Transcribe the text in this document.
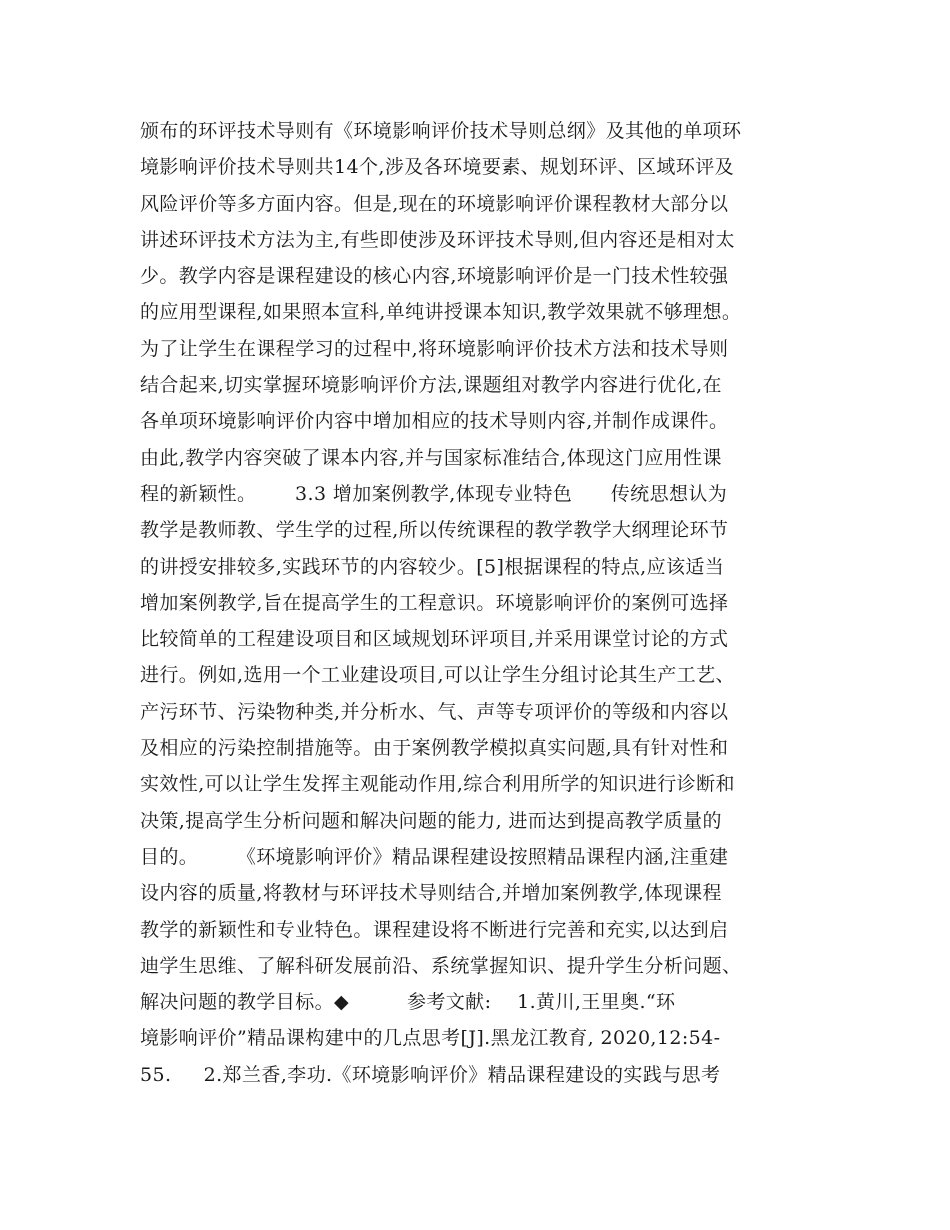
颁布的环评技术导则有《环境影响评价技术导则总纲》及其他的单项环
境影响评价技术导则共14个,涉及各环境要素、规划环评、区域环评及
风险评价等多方面内容。但是,现在的环境影响评价课程教材大部分以
讲述环评技术方法为主,有些即使涉及环评技术导则,但内容还是相对太
少。教学内容是课程建设的核心内容,环境影响评价是一门技术性较强
的应用型课程,如果照本宣科,单纯讲授课本知识,教学效果就不够理想。
为了让学生在课程学习的过程中,将环境影响评价技术方法和技术导则
结合起来,切实掌握环境影响评价方法,课题组对教学内容进行优化,在
各单项环境影响评价内容中增加相应的技术导则内容,并制作成课件。
由此,教学内容突破了课本内容,并与国家标准结合,体现这门应用性课
程的新颖性。      3.3 增加案例教学,体现专业特色      传统思想认为
教学是教师教、学生学的过程,所以传统课程的教学教学大纲理论环节
的讲授安排较多,实践环节的内容较少。[5]根据课程的特点,应该适当
增加案例教学,旨在提高学生的工程意识。环境影响评价的案例可选择
比较简单的工程建设项目和区域规划环评项目,并采用课堂讨论的方式
进行。例如,选用一个工业建设项目,可以让学生分组讨论其生产工艺、
产污环节、污染物种类,并分析水、气、声等专项评价的等级和内容以
及相应的污染控制措施等。由于案例教学模拟真实问题,具有针对性和
实效性,可以让学生发挥主观能动作用,综合利用所学的知识进行诊断和
决策,提高学生分析问题和解决问题的能力, 进而达到提高教学质量的
目的。      《环境影响评价》精品课程建设按照精品课程内涵,注重建
设内容的质量,将教材与环评技术导则结合,并增加案例教学,体现课程
教学的新颖性和专业特色。课程建设将不断进行完善和充实,以达到启
迪学生思维、了解科研发展前沿、系统掌握知识、提升学生分析问题、
解决问题的教学目标。◆         参考文献:    1.黄川,王里奥.“环
境影响评价”精品课构建中的几点思考[J].黑龙江教育, 2020,12:54-
55.     2.郑兰香,李功.《环境影响评价》精品课程建设的实践与思考
